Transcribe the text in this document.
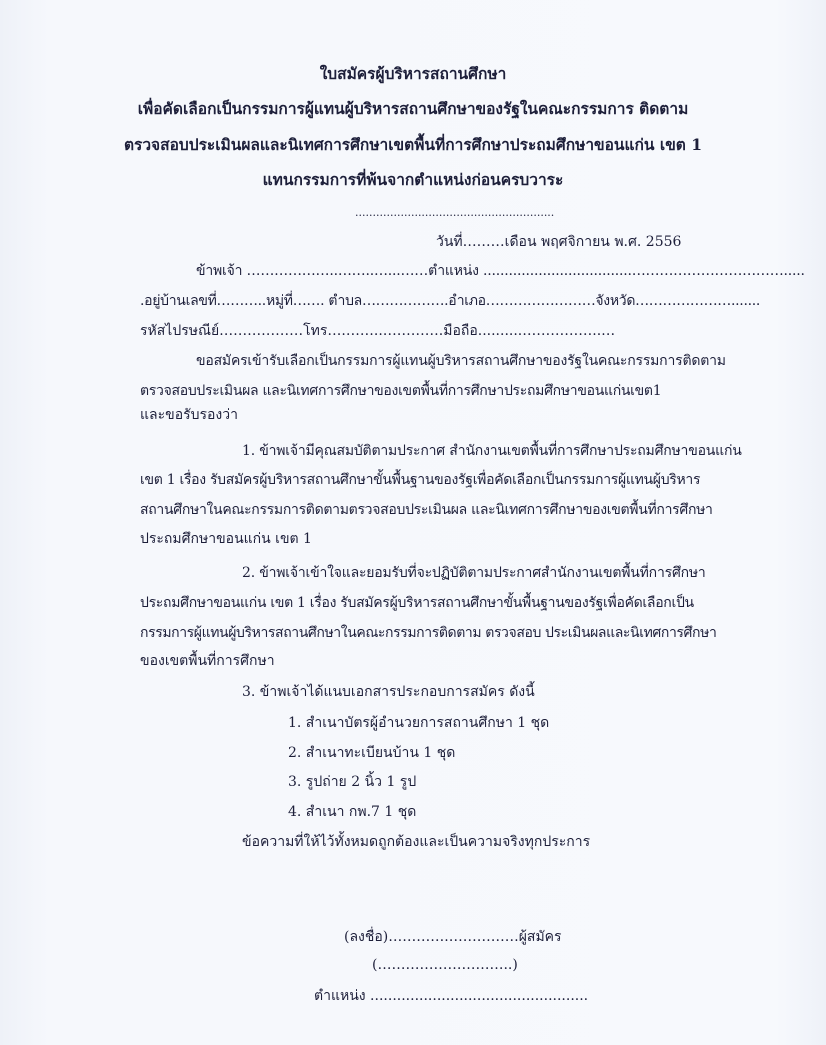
ใบสมัครผู้บริหารสถานศึกษา
เพื่อคัดเลือกเป็นกรรมการผู้แทนผู้บริหารสถานศึกษาของรัฐในคณะกรรมการ ติดตาม
ตรวจสอบประเมินผลและนิเทศการศึกษาเขตพื้นที่การศึกษาประถมศึกษาขอนแก่น เขต 1
แทนกรรมการที่พ้นจากตำแหน่งก่อนครบวาระ
.........................................................
วันที่………เดือน พฤศจิกายน พ.ศ. 2556
ข้าพเจ้า ………………..……..…...……ตำแหน่ง ...................................…………………………….....
.อยู่บ้านเลขที่………..หมู่ที่……. ตำบล……………….อำเภอ……………………จังหวัด………………….......
รหัสไปรษณีย์………………โทร….……..………….มือถือ..........……………..…
ขอสมัครเข้ารับเลือกเป็นกรรมการผู้แทนผู้บริหารสถานศึกษาของรัฐในคณะกรรมการติดตาม
ตรวจสอบประเมินผล และนิเทศการศึกษาของเขตพื้นที่การศึกษาประถมศึกษาขอนแก่นเขต1
และขอรับรองว่า
1. ข้าพเจ้ามีคุณสมบัติตามประกาศ สำนักงานเขตพื้นที่การศึกษาประถมศึกษาขอนแก่น
เขต 1 เรื่อง รับสมัครผู้บริหารสถานศึกษาขั้นพื้นฐานของรัฐเพื่อคัดเลือกเป็นกรรมการผู้แทนผู้บริหาร
สถานศึกษาในคณะกรรมการติดตามตรวจสอบประเมินผล และนิเทศการศึกษาของเขตพื้นที่การศึกษา
ประถมศึกษาขอนแก่น เขต 1
2. ข้าพเจ้าเข้าใจและยอมรับที่จะปฏิบัติตามประกาศสำนักงานเขตพื้นที่การศึกษา
ประถมศึกษาขอนแก่น เขต 1 เรื่อง รับสมัครผู้บริหารสถานศึกษาขั้นพื้นฐานของรัฐเพื่อคัดเลือกเป็น
กรรมการผู้แทนผู้บริหารสถานศึกษาในคณะกรรมการติดตาม ตรวจสอบ ประเมินผลและนิเทศการศึกษา
ของเขตพื้นที่การศึกษา
3. ข้าพเจ้าได้แนบเอกสารประกอบการสมัคร ดังนี้
1. สำเนาบัตรผู้อำนวยการสถานศึกษา 1 ชุด
2. สำเนาทะเบียนบ้าน 1 ชุด
3. รูปถ่าย 2 นิ้ว 1 รูป
4. สำเนา กพ.7 1 ชุด
ข้อความที่ให้ไว้ทั้งหมดถูกต้องและเป็นความจริงทุกประการ
(ลงชื่อ)………….……………ผู้สมัคร
(………………………..)
ตำแหน่ง .................................................
